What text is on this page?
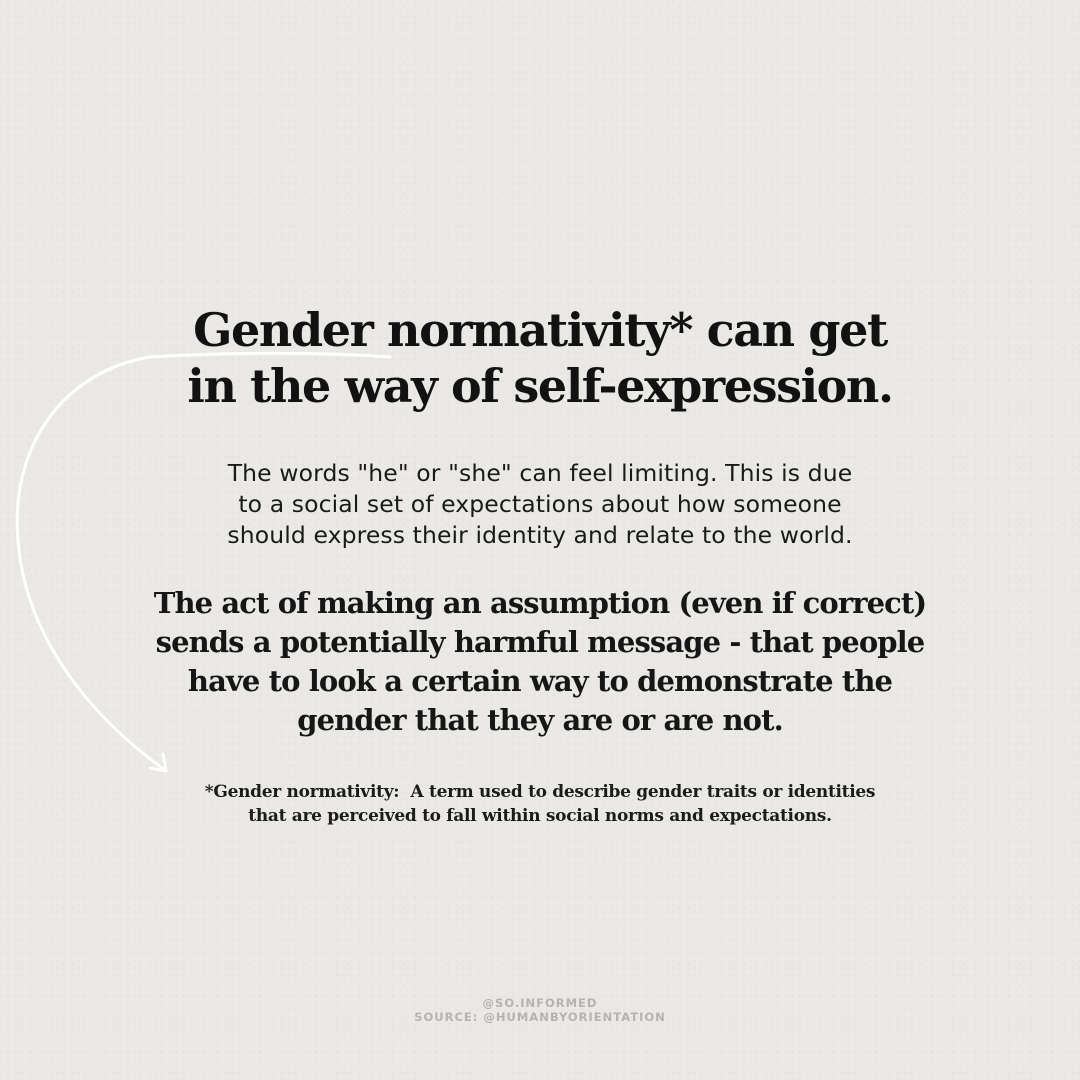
Gender normativity* can get
in the way of self-expression.

The words "he" or "she" can feel limiting. This is due
to a social set of expectations about how someone
should express their identity and relate to the world.

The act of making an assumption (even if correct)
sends a potentially harmful message - that people
have to look a certain way to demonstrate the
gender that they are or are not.

*Gender normativity:  A term used to describe gender traits or identities
that are perceived to fall within social norms and expectations.

@SO.INFORMED
SOURCE: @HUMANBYORIENTATION
